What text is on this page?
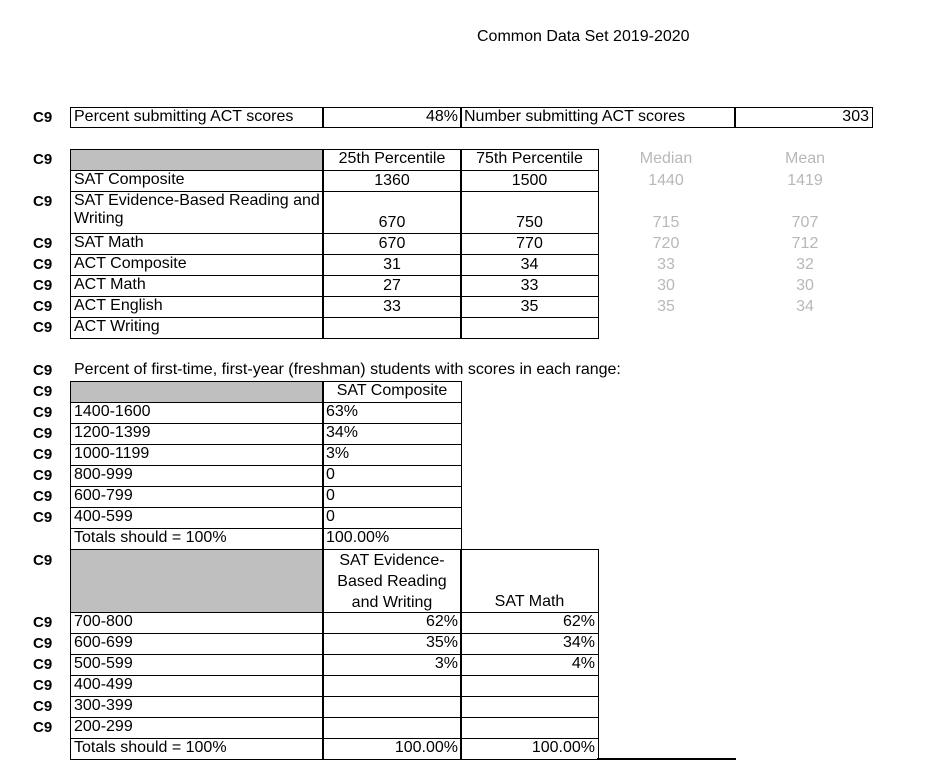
Common Data Set 2019-2020
C9 Percent submitting ACT scores	48% Number submitting ACT scores	303
C9	25th Percentile	75th Percentile	Median	Mean
SAT Composite	1360	1500	1440	1419
C9 SAT Evidence-Based Reading and Writing	670	750	715	707
C9 SAT Math	670	770	720	712
C9 ACT Composite	31	34	33	32
C9 ACT Math	27	33	30	30
C9 ACT English	33	35	35	34
C9 ACT Writing
C9 Percent of first-time, first-year (freshman) students with scores in each range:
C9	SAT Composite
C9 1400-1600	63%
C9 1200-1399	34%
C9 1000-1199	3%
C9 800-999	0
C9 600-799	0
C9 400-599	0
Totals should = 100%	100.00%
C9	SAT Evidence-Based Reading and Writing	SAT Math
C9 700-800	62%	62%
C9 600-699	35%	34%
C9 500-599	3%	4%
C9 400-499
C9 300-399
C9 200-299
Totals should = 100%	100.00%	100.00%
